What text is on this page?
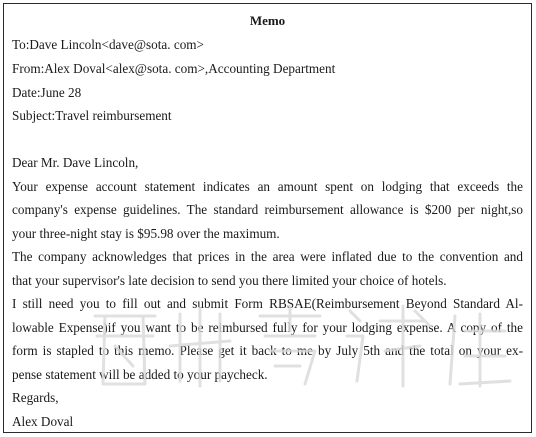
Memo
To:Dave Lincoln<dave@sota. com>
From:Alex Doval<alex@sota. com>,Accounting Department
Date:June 28
Subject:Travel reimbursement
Dear Mr. Dave Lincoln,
Your expense account statement indicates an amount spent on lodging that exceeds the
company's expense guidelines. The standard reimbursement allowance is $200 per night,so
your three-night stay is $95.98 over the maximum.
The company acknowledges that prices in the area were inflated due to the convention and
that your supervisor's late decision to send you there limited your choice of hotels.
I still need you to fill out and submit Form RBSAE(Reimbursement Beyond Standard Al-
lowable Expense)if you want to be reimbursed fully for your lodging expense. A copy of the
form is stapled to this memo. Please get it back to me by July 5th and the total on your ex-
pense statement will be added to your paycheck.
Regards,
Alex Doval
